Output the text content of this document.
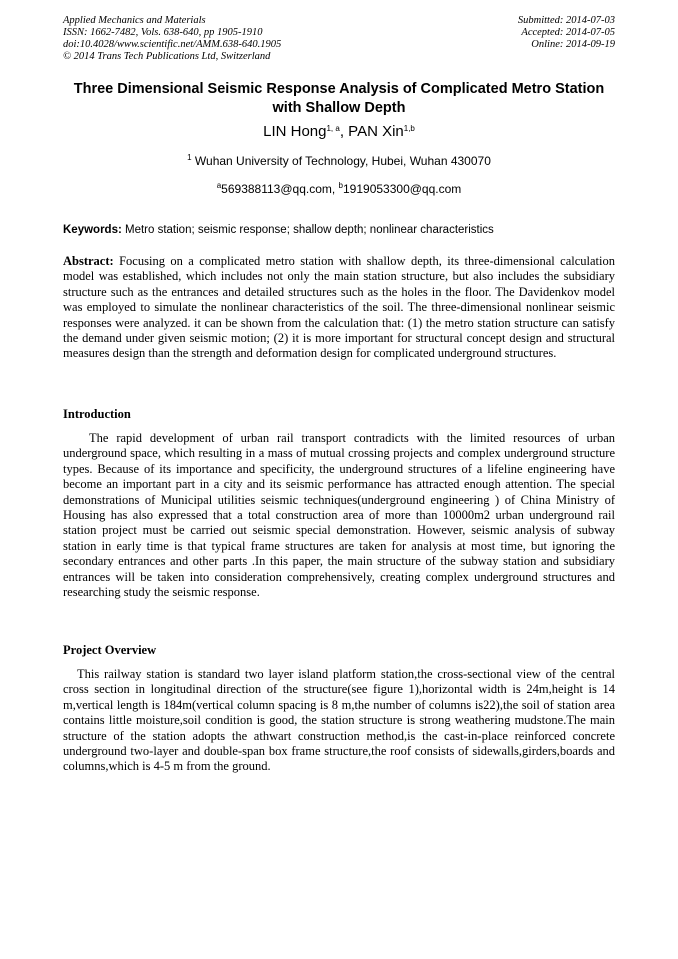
Applied Mechanics and Materials
ISSN: 1662-7482, Vols. 638-640, pp 1905-1910
doi:10.4028/www.scientific.net/AMM.638-640.1905
© 2014 Trans Tech Publications Ltd, Switzerland
Submitted: 2014-07-03
Accepted: 2014-07-05
Online: 2014-09-19
Three Dimensional Seismic Response Analysis of Complicated Metro Station with Shallow Depth
LIN Hong$^{1, a}$, PAN Xin$^{1,b}$
$^1$ Wuhan University of Technology, Hubei, Wuhan 430070
$^a$569388113@qq.com, $^b$1919053300@qq.com
Keywords: Metro station; seismic response; shallow depth; nonlinear characteristics
Abstract: Focusing on a complicated metro station with shallow depth, its three-dimensional calculation model was established, which includes not only the main station structure, but also includes the subsidiary structure such as the entrances and detailed structures such as the holes in the floor. The Davidenkov model was employed to simulate the nonlinear characteristics of the soil. The three-dimensional nonlinear seismic responses were analyzed. it can be shown from the calculation that: (1) the metro station structure can satisfy the demand under given seismic motion; (2) it is more important for structural concept design and structural measures design than the strength and deformation design for complicated underground structures.
Introduction
The rapid development of urban rail transport contradicts with the limited resources of urban underground space, which resulting in a mass of mutual crossing projects and complex underground structure types. Because of its importance and specificity, the underground structures of a lifeline engineering have become an important part in a city and its seismic performance has attracted enough attention. The special demonstrations of Municipal utilities seismic techniques(underground engineering ) of China Ministry of Housing has also expressed that a total construction area of more than 10000m2 urban underground rail station project must be carried out seismic special demonstration. However, seismic analysis of subway station in early time is that typical frame structures are taken for analysis at most time, but ignoring the secondary entrances and other parts .In this paper, the main structure of the subway station and subsidiary entrances will be taken into consideration comprehensively, creating complex underground structures and researching study the seismic response.
Project Overview
This railway station is standard two layer island platform station,the cross-sectional view of the central cross section in longitudinal direction of the structure(see figure 1),horizontal width is 24m,height is 14 m,vertical length is 184m(vertical column spacing is 8 m,the number of columns is22),the soil of station area contains little moisture,soil condition is good, the station structure is strong weathering mudstone.The main structure of the station adopts the athwart construction method,is the cast-in-place reinforced concrete underground two-layer and double-span box frame structure,the roof consists of sidewalls,girders,boards and columns,which is 4-5 m from the ground.
